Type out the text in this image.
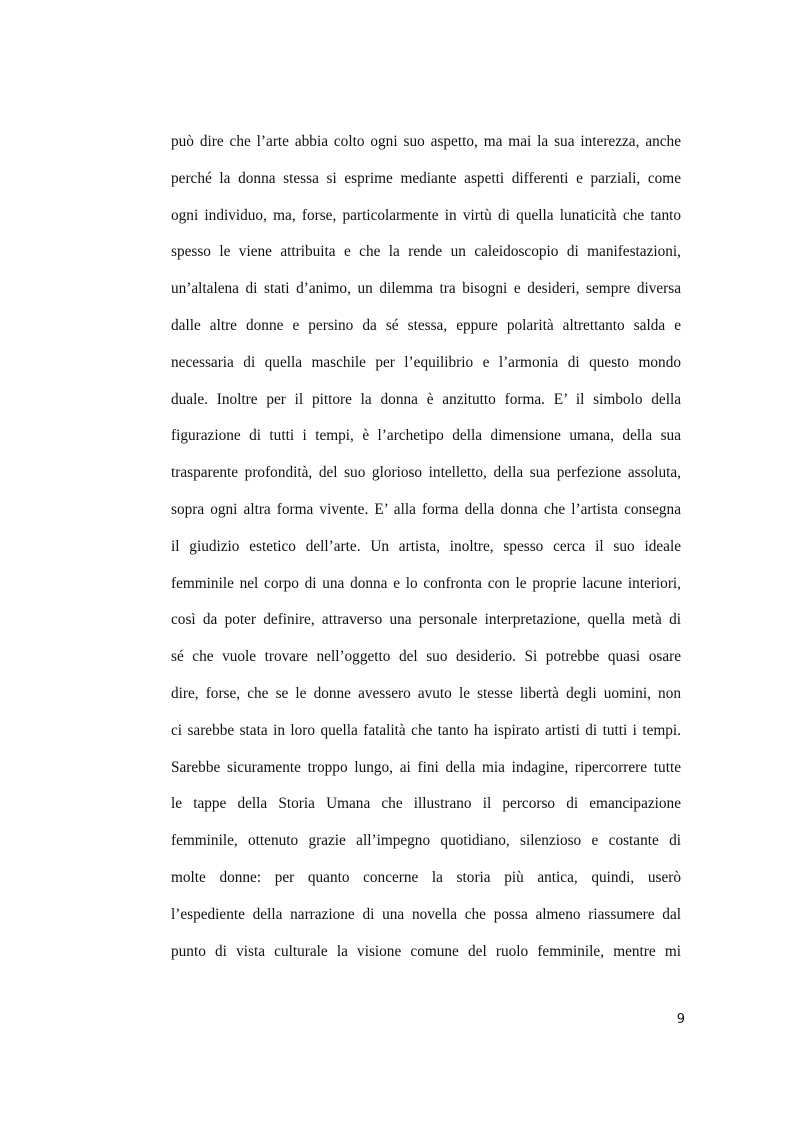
può dire che l’arte abbia colto ogni suo aspetto, ma mai la sua interezza, anche
perché la donna stessa si esprime mediante aspetti differenti e parziali, come
ogni individuo, ma, forse, particolarmente in virtù di quella lunaticità che tanto
spesso le viene attribuita e che la rende un caleidoscopio di manifestazioni,
un’altalena di stati d’animo, un dilemma tra bisogni e desideri, sempre diversa
dalle altre donne e persino da sé stessa, eppure polarità altrettanto salda e
necessaria di quella maschile per l’equilibrio e l’armonia di questo mondo
duale. Inoltre per il pittore la donna è anzitutto forma. E’ il simbolo della
figurazione di tutti i tempi, è l’archetipo della dimensione umana, della sua
trasparente profondità, del suo glorioso intelletto, della sua perfezione assoluta,
sopra ogni altra forma vivente. E’ alla forma della donna che l’artista consegna
il giudizio estetico dell’arte. Un artista, inoltre, spesso cerca il suo ideale
femminile nel corpo di una donna e lo confronta con le proprie lacune interiori,
così da poter definire, attraverso una personale interpretazione, quella metà di
sé che vuole trovare nell’oggetto del suo desiderio. Si potrebbe quasi osare
dire, forse, che se le donne avessero avuto le stesse libertà degli uomini, non
ci sarebbe stata in loro quella fatalità che tanto ha ispirato artisti di tutti i tempi.
Sarebbe sicuramente troppo lungo, ai fini della mia indagine, ripercorrere tutte
le tappe della Storia Umana che illustrano il percorso di emancipazione
femminile, ottenuto grazie all’impegno quotidiano, silenzioso e costante di
molte donne: per quanto concerne la storia più antica, quindi, userò
l’espediente della narrazione di una novella che possa almeno riassumere dal
punto di vista culturale la visione comune del ruolo femminile, mentre mi
9
